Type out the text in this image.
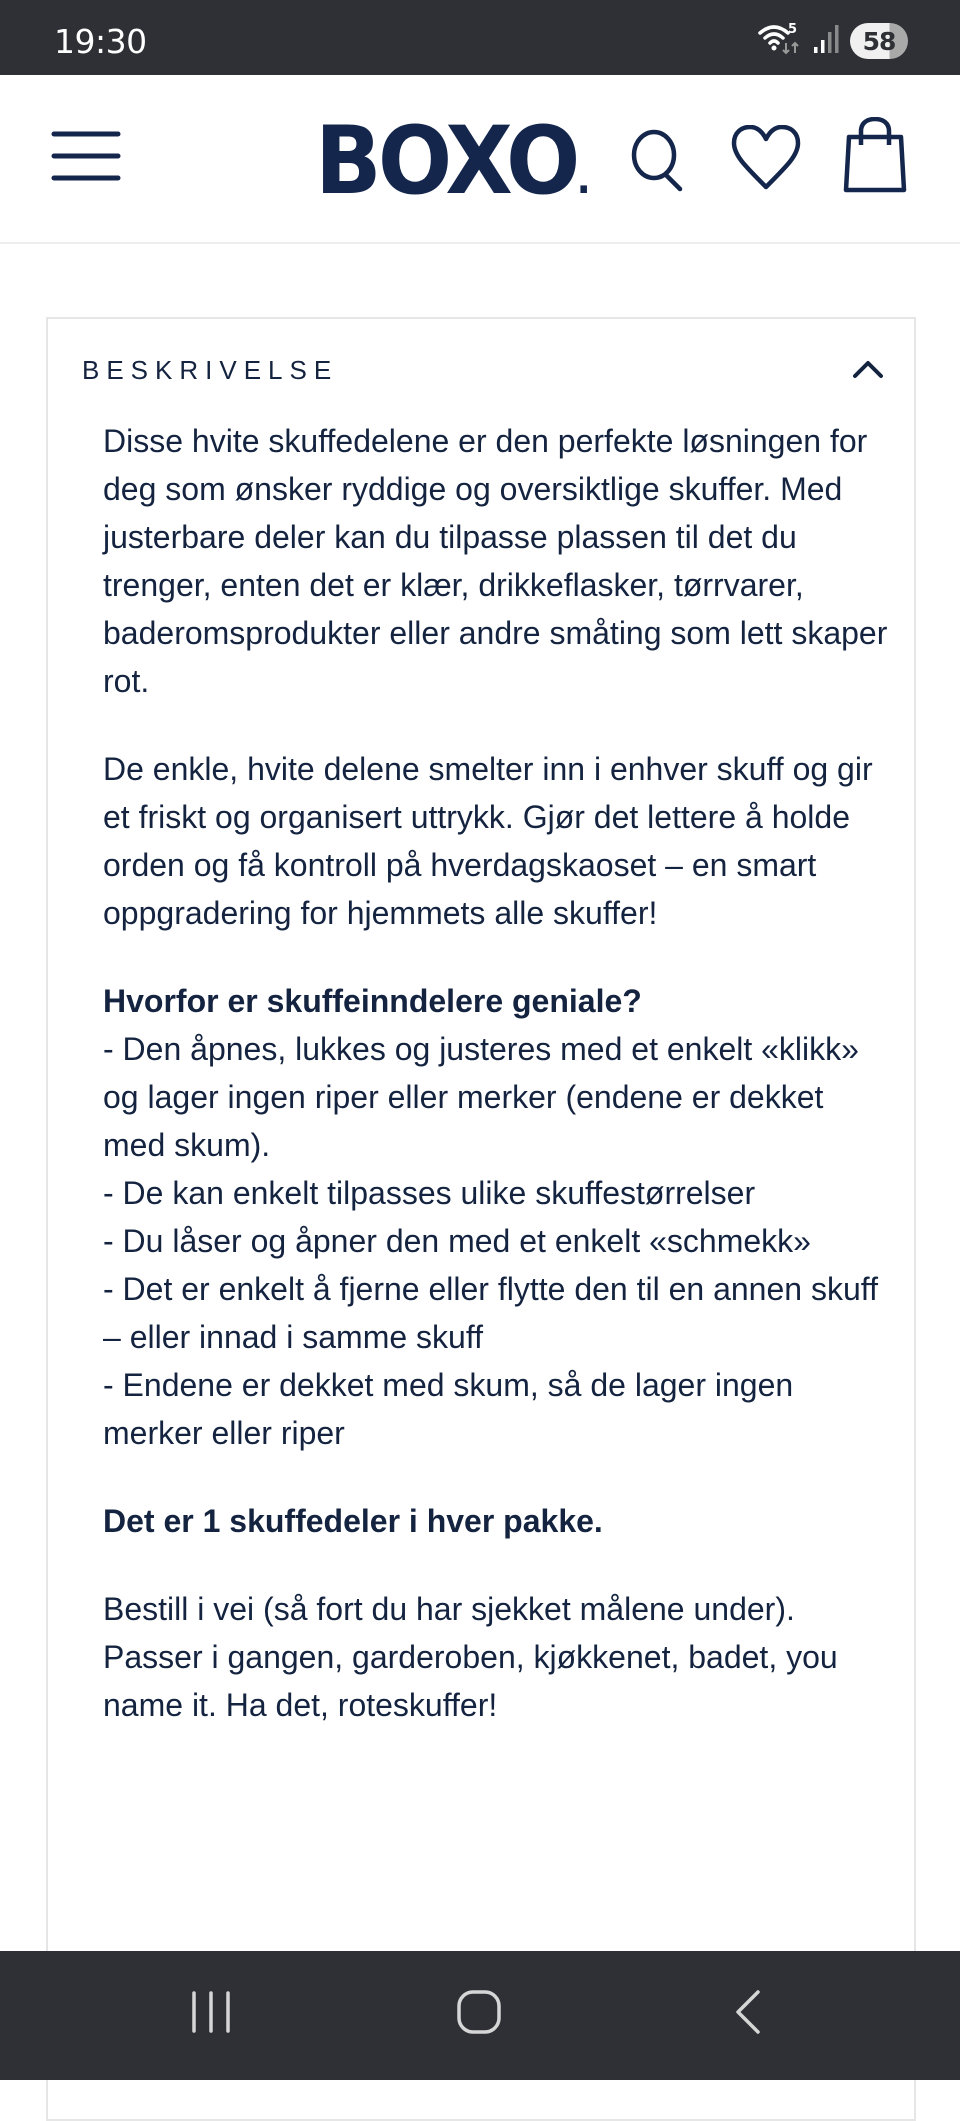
19:30	5	58
BOXO.
BESKRIVELSE

Disse hvite skuffedelene er den perfekte løsningen for deg som ønsker ryddige og oversiktlige skuffer. Med justerbare deler kan du tilpasse plassen til det du trenger, enten det er klær, drikkeflasker, tørrvarer, baderomsprodukter eller andre småting som lett skaper rot.

De enkle, hvite delene smelter inn i enhver skuff og gir et friskt og organisert uttrykk. Gjør det lettere å holde orden og få kontroll på hverdagskaoset – en smart oppgradering for hjemmets alle skuffer!

Hvorfor er skuffeinndelere geniale?
- Den åpnes, lukkes og justeres med et enkelt «klikk» og lager ingen riper eller merker (endene er dekket med skum).
- De kan enkelt tilpasses ulike skuffestørrelser
- Du låser og åpner den med et enkelt «schmekk»
- Det er enkelt å fjerne eller flytte den til en annen skuff – eller innad i samme skuff
- Endene er dekket med skum, så de lager ingen merker eller riper

Det er 1 skuffedeler i hver pakke.

Bestill i vei (så fort du har sjekket målene under). Passer i gangen, garderoben, kjøkkenet, badet, you name it. Ha det, roteskuffer!
